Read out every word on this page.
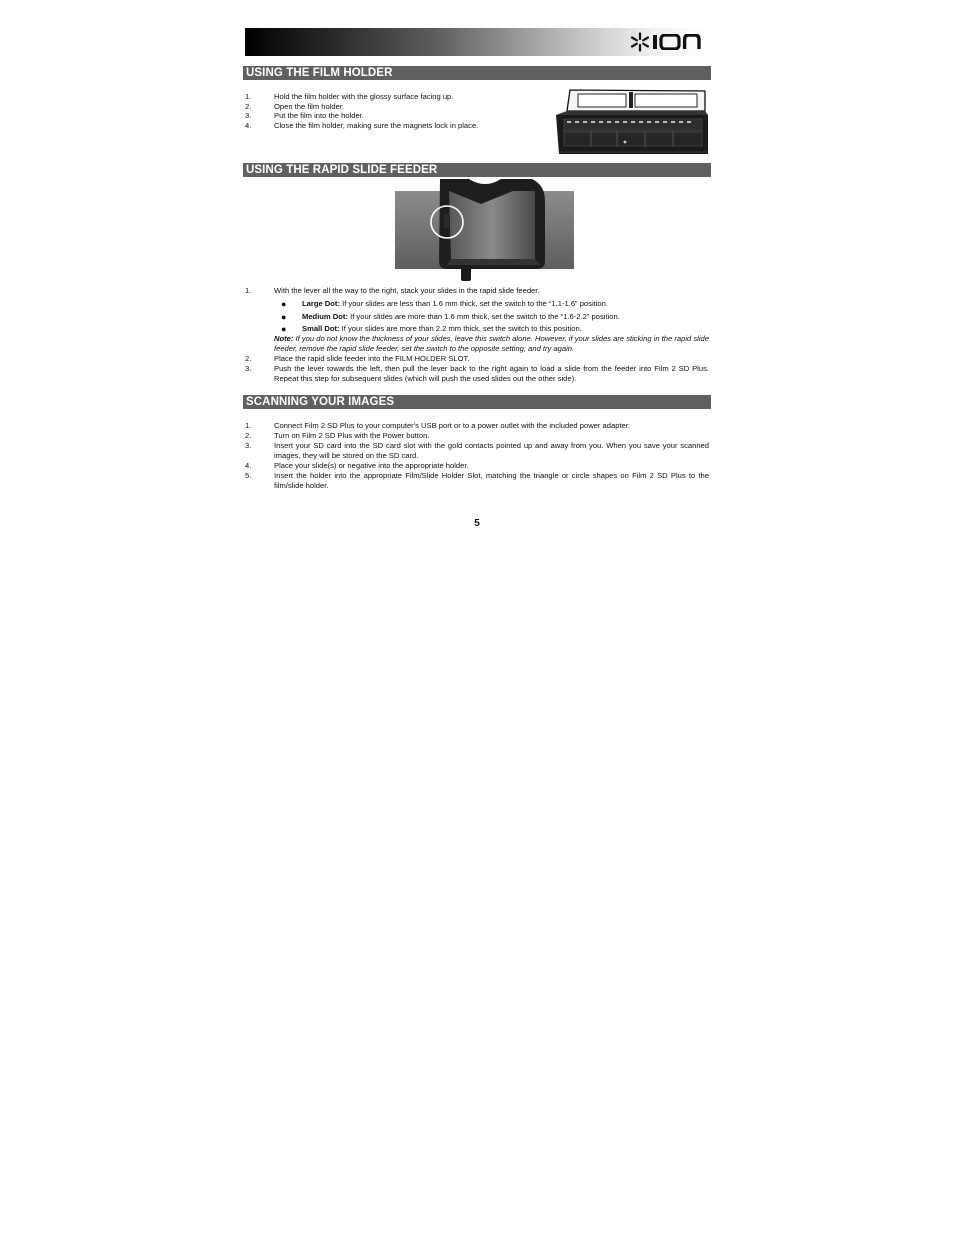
USING THE FILM HOLDER
1.	Hold the film holder with the glossy surface facing up.
2.	Open the film holder.
3.	Put the film into the holder.
4.	Close the film holder, making sure the magnets lock in place.
USING THE RAPID SLIDE FEEDER
1.	With the lever all the way to the right, stack your slides in the rapid slide feeder.
● Large Dot: If your slides are less than 1.6 mm thick, set the switch to the “1.1-1.6” position.
● Medium Dot: If your slides are more than 1.6 mm thick, set the switch to the “1.6-2.2” position.
● Small Dot: If your slides are more than 2.2 mm thick, set the switch to this position.
Note: If you do not know the thickness of your slides, leave this switch alone. However, if your slides are sticking in the rapid slide feeder, remove the rapid slide feeder, set the switch to the opposite setting, and try again.
2.	Place the rapid slide feeder into the FILM HOLDER SLOT.
3.	Push the lever towards the left, then pull the lever back to the right again to load a slide from the feeder into Film 2 SD Plus. Repeat this step for subsequent slides (which will push the used slides out the other side).
SCANNING YOUR IMAGES
1.	Connect Film 2 SD Plus to your computer's USB port or to a power outlet with the included power adapter.
2.	Turn on Film 2 SD Plus with the Power button.
3.	Insert your SD card into the SD card slot with the gold contacts pointed up and away from you. When you save your scanned images, they will be stored on the SD card.
4.	Place your slide(s) or negative into the appropriate holder.
5.	Insert the holder into the appropriate Film/Slide Holder Slot, matching the triangle or circle shapes on Film 2 SD Plus to the film/slide holder.
5
